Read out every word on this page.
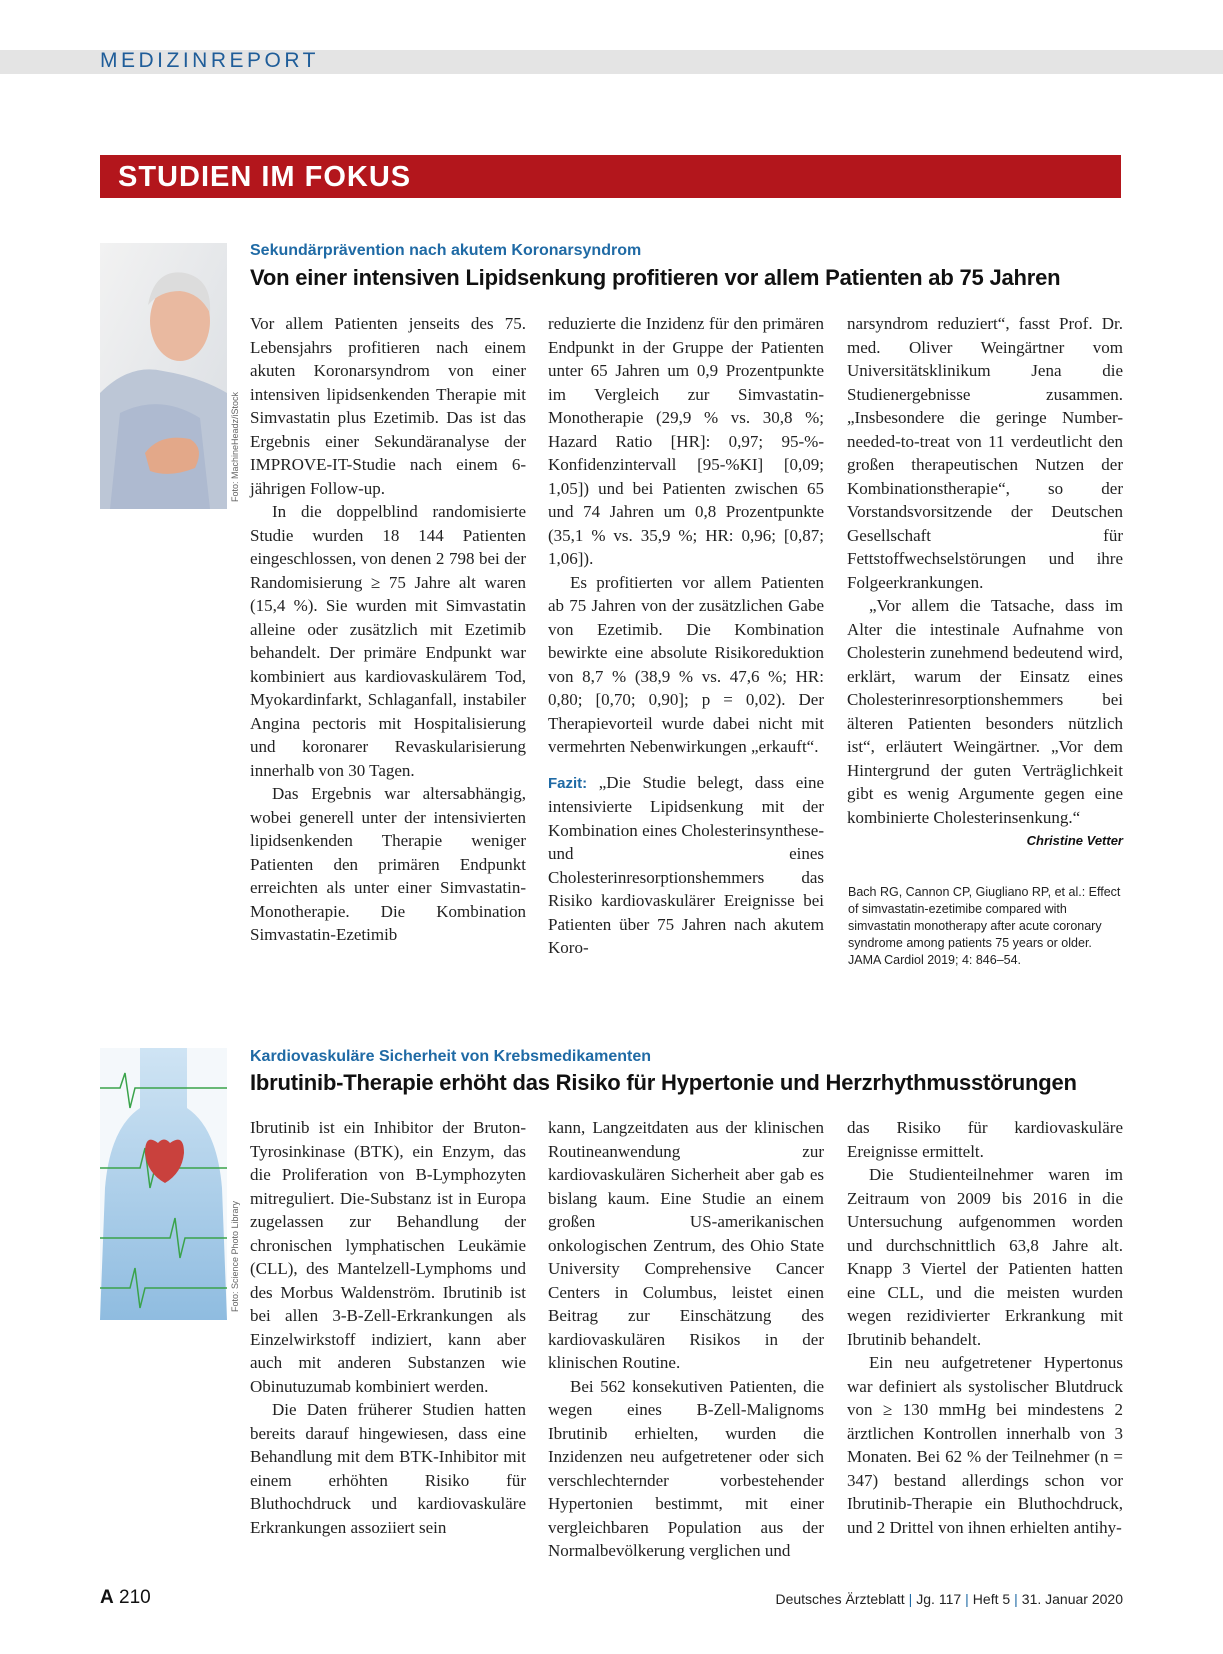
MEDIZINREPORT
STUDIEN IM FOKUS
Foto: MachineHeadz/iStock
Sekundärprävention nach akutem Koronarsyndrom
Von einer intensiven Lipidsenkung profitieren vor allem Patienten ab 75 Jahren

Vor allem Patienten jenseits des 75. Lebensjahrs profitieren nach einem akuten Koronarsyndrom von einer intensiven lipidsenkenden Therapie mit Simvastatin plus Ezetimib. Das ist das Ergebnis einer Sekundäranalyse der IMPROVE-IT-Studie nach einem 6-jährigen Follow-up.

In die doppelblind randomisierte Studie wurden 18 144 Patienten eingeschlossen, von denen 2 798 bei der Randomisierung ≥ 75 Jahre alt waren (15,4 %). Sie wurden mit Simvastatin alleine oder zusätzlich mit Ezetimib behandelt. Der primäre Endpunkt war kombiniert aus kardiovaskulärem Tod, Myokardinfarkt, Schlaganfall, instabiler Angina pectoris mit Hospitalisierung und koronarer Revaskularisierung innerhalb von 30 Tagen.

Das Ergebnis war altersabhängig, wobei generell unter der intensivierten lipidsenkenden Therapie weniger Patienten den primären Endpunkt erreichten als unter einer Simvastatin-Monotherapie. Die Kombination Simvastatin-Ezetimib

reduzierte die Inzidenz für den primären Endpunkt in der Gruppe der Patienten unter 65 Jahren um 0,9 Prozentpunkte im Vergleich zur Simvastatin-Monotherapie (29,9 % vs. 30,8 %; Hazard Ratio [HR]: 0,97; 95-%-Konfidenzintervall [95-%KI] [0,09; 1,05]) und bei Patienten zwischen 65 und 74 Jahren um 0,8 Prozentpunkte (35,1 % vs. 35,9 %; HR: 0,96; [0,87; 1,06]).

Es profitierten vor allem Patienten ab 75 Jahren von der zusätzlichen Gabe von Ezetimib. Die Kombination bewirkte eine absolute Risikoreduktion von 8,7 % (38,9 % vs. 47,6 %; HR: 0,80; [0,70; 0,90]; p = 0,02). Der Therapievorteil wurde dabei nicht mit vermehrten Nebenwirkungen „erkauft“.

Fazit: „Die Studie belegt, dass eine intensivierte Lipidsenkung mit der Kombination eines Cholesterinsynthese- und eines Cholesterinresorptionshemmers das Risiko kardiovaskulärer Ereignisse bei Patienten über 75 Jahren nach akutem Koro-

narsyndrom reduziert“, fasst Prof. Dr. med. Oliver Weingärtner vom Universitätsklinikum Jena die Studienergebnisse zusammen. „Insbesondere die geringe Number-needed-to-treat von 11 verdeutlicht den großen therapeutischen Nutzen der Kombinationstherapie“, so der Vorstandsvorsitzende der Deutschen Gesellschaft für Fettstoffwechselstörungen und ihre Folgeerkrankungen.

„Vor allem die Tatsache, dass im Alter die intestinale Aufnahme von Cholesterin zunehmend bedeutend wird, erklärt, warum der Einsatz eines Cholesterinresorptionshemmers bei älteren Patienten besonders nützlich ist“, erläutert Weingärtner. „Vor dem Hintergrund der guten Verträglichkeit gibt es wenig Argumente gegen eine kombinierte Cholesterinsenkung.“
Christine Vetter

Bach RG, Cannon CP, Giugliano RP, et al.: Effect of simvastatin-ezetimibe compared with simvastatin monotherapy after acute coronary syndrome among patients 75 years or older. JAMA Cardiol 2019; 4: 846–54.
Foto: Science Photo Library
Kardiovaskuläre Sicherheit von Krebsmedikamenten
Ibrutinib-Therapie erhöht das Risiko für Hypertonie und Herzrhythmusstörungen

Ibrutinib ist ein Inhibitor der Bruton-Tyrosinkinase (BTK), ein Enzym, das die Proliferation von B-Lymphozyten mitreguliert. Die-Substanz ist in Europa zugelassen zur Behandlung der chronischen lymphatischen Leukämie (CLL), des Mantelzell-Lymphoms und des Morbus Waldenström. Ibrutinib ist bei allen 3-B-Zell-Erkrankungen als Einzelwirkstoff indiziert, kann aber auch mit anderen Substanzen wie Obinutuzumab kombiniert werden.

Die Daten früherer Studien hatten bereits darauf hingewiesen, dass eine Behandlung mit dem BTK-Inhibitor mit einem erhöhten Risiko für Bluthochdruck und kardiovaskuläre Erkrankungen assoziiert sein

kann, Langzeitdaten aus der klinischen Routineanwendung zur kardiovaskulären Sicherheit aber gab es bislang kaum. Eine Studie an einem großen US-amerikanischen onkologischen Zentrum, des Ohio State University Comprehensive Cancer Centers in Columbus, leistet einen Beitrag zur Einschätzung des kardiovaskulären Risikos in der klinischen Routine.

Bei 562 konsekutiven Patienten, die wegen eines B-Zell-Malignoms Ibrutinib erhielten, wurden die Inzidenzen neu aufgetretener oder sich verschlechternder vorbestehender Hypertonien bestimmt, mit einer vergleichbaren Population aus der Normalbevölkerung verglichen und

das Risiko für kardiovaskuläre Ereignisse ermittelt.

Die Studienteilnehmer waren im Zeitraum von 2009 bis 2016 in die Untersuchung aufgenommen worden und durchschnittlich 63,8 Jahre alt. Knapp 3 Viertel der Patienten hatten eine CLL, und die meisten wurden wegen rezidivierter Erkrankung mit Ibrutinib behandelt.

Ein neu aufgetretener Hypertonus war definiert als systolischer Blutdruck von ≥ 130 mmHg bei mindestens 2 ärztlichen Kontrollen innerhalb von 3 Monaten. Bei 62 % der Teilnehmer (n = 347) bestand allerdings schon vor Ibrutinib-Therapie ein Bluthochdruck, und 2 Drittel von ihnen erhielten antihy-

A 210	Deutsches Ärzteblatt | Jg. 117 | Heft 5 | 31. Januar 2020
